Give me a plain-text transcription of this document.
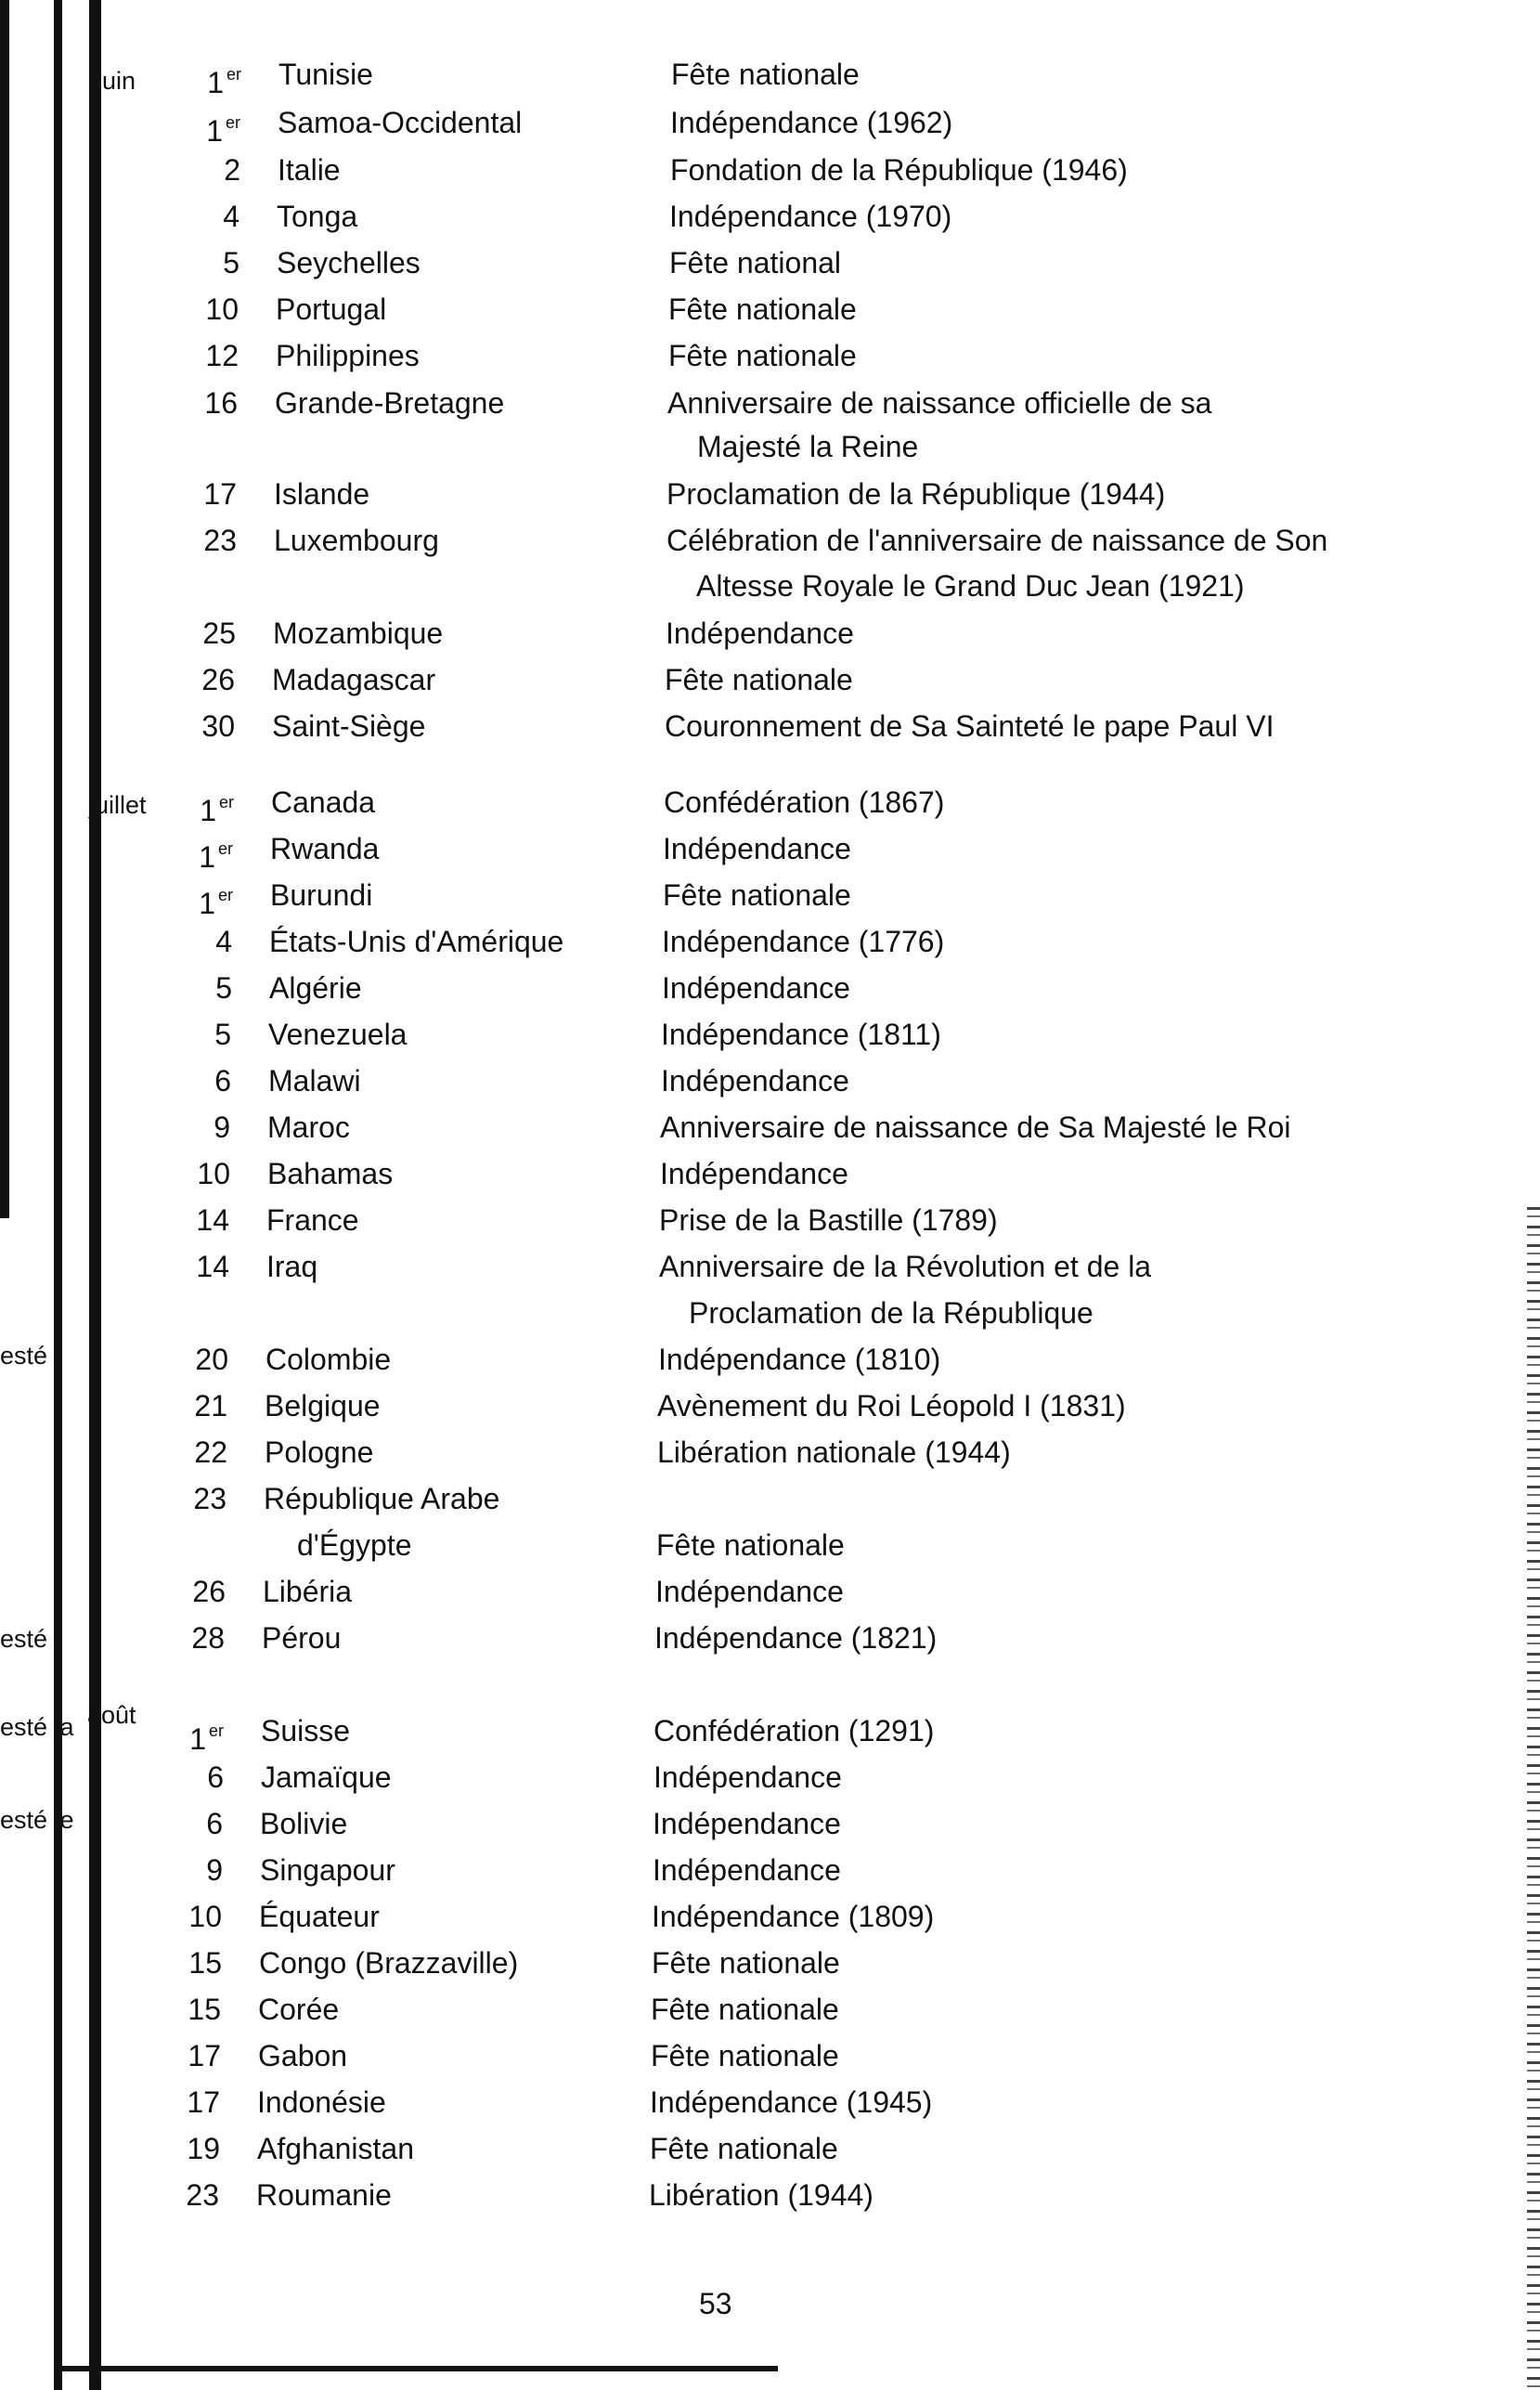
esté
esté
esté la
esté le
juin	1 $^{er}$ Tunisie	Fête nationale
1 $^{er}$ Samoa-Occidental	Indépendance (1962)
2 Italie	Fondation de la République (1946)
4 Tonga	Indépendance (1970)
5 Seychelles	Fête national
10 Portugal	Fête nationale
12 Philippines	Fête nationale
16 Grande-Bretagne	Anniversaire de naissance officielle de sa
Majesté la Reine
17 Islande	Proclamation de la République (1944)
23 Luxembourg	Célébration de l'anniversaire de naissance de Son
Altesse Royale le Grand Duc Jean (1921)
25 Mozambique	Indépendance
26 Madagascar	Fête nationale
30 Saint-Siège	Couronnement de Sa Sainteté le pape Paul VI
juillet	1 $^{er}$ Canada	Confédération (1867)
1 $^{er}$ Rwanda	Indépendance
1 $^{er}$ Burundi	Fête nationale
4 États-Unis d'Amérique	Indépendance (1776)
5 Algérie	Indépendance
5 Venezuela	Indépendance (1811)
6 Malawi	Indépendance
9 Maroc	Anniversaire de naissance de Sa Majesté le Roi
10 Bahamas	Indépendance
14 France	Prise de la Bastille (1789)
14 Iraq	Anniversaire de la Révolution et de la
Proclamation de la République
20 Colombie	Indépendance (1810)
21 Belgique	Avènement du Roi Léopold I (1831)
22 Pologne	Libération nationale (1944)
23 République Arabe
d'Égypte	Fête nationale
26 Libéria	Indépendance
28 Pérou	Indépendance (1821)
août
1 $^{er}$ Suisse	Confédération (1291)
6 Jamaïque	Indépendance
6 Bolivie	Indépendance
9 Singapour	Indépendance
10 Équateur	Indépendance (1809)
15 Congo (Brazzaville)	Fête nationale
15 Corée	Fête nationale
17 Gabon	Fête nationale
17 Indonésie	Indépendance (1945)
19 Afghanistan	Fête nationale
23 Roumanie	Libération (1944)
53
